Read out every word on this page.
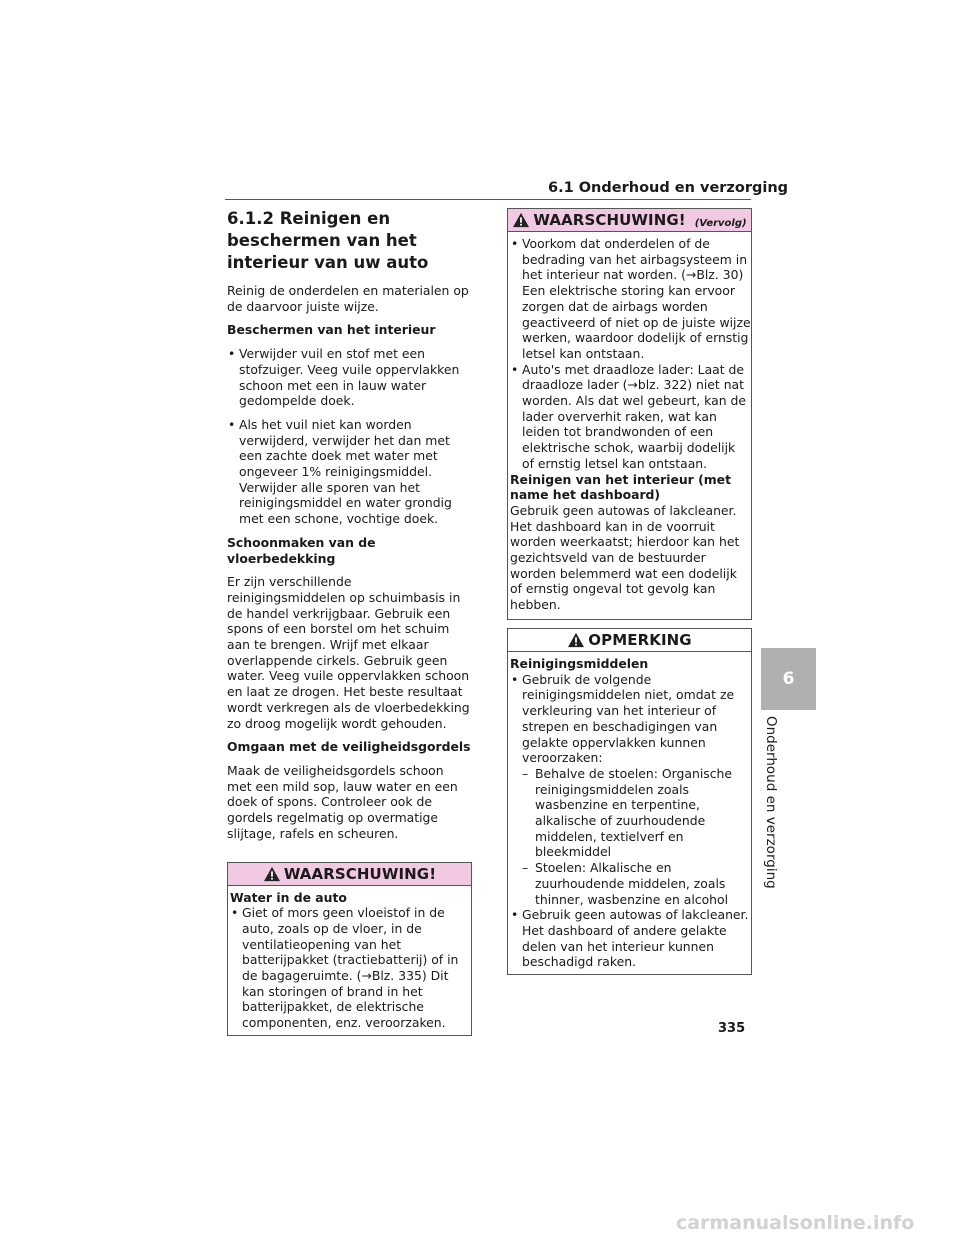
6.1 Onderhoud en verzorging
6.1.2 Reinigen en beschermen van het interieur van uw auto

Reinig de onderdelen en materialen op de daarvoor juiste wijze.

Beschermen van het interieur
• Verwijder vuil en stof met een stofzuiger. Veeg vuile oppervlakken schoon met een in lauw water gedompelde doek.
• Als het vuil niet kan worden verwijderd, verwijder het dan met een zachte doek met water met ongeveer 1% reinigingsmiddel. Verwijder alle sporen van het reinigingsmiddel en water grondig met een schone, vochtige doek.
Schoonmaken van de vloerbedekking

Er zijn verschillende reinigingsmiddelen op schuimbasis in de handel verkrijgbaar. Gebruik een spons of een borstel om het schuim aan te brengen. Wrijf met elkaar overlappende cirkels. Gebruik geen water. Veeg vuile oppervlakken schoon en laat ze drogen. Het beste resultaat wordt verkregen als de vloerbedekking zo droog mogelijk wordt gehouden.

Omgaan met de veiligheidsgordels

Maak de veiligheidsgordels schoon met een mild sop, lauw water en een doek of spons. Controleer ook de gordels regelmatig op overmatige slijtage, rafels en scheuren.

WAARSCHUWING!
Water in de auto
• Giet of mors geen vloeistof in de auto, zoals op de vloer, in de ventilatieopening van het batterijpakket (tractiebatterij) of in de bagageruimte. (→Blz. 335) Dit kan storingen of brand in het batterijpakket, de elektrische componenten, enz. veroorzaken.
WAARSCHUWING! (Vervolg)
• Voorkom dat onderdelen of de bedrading van het airbagsysteem in het interieur nat worden. (→Blz. 30) Een elektrische storing kan ervoor zorgen dat de airbags worden geactiveerd of niet op de juiste wijze werken, waardoor dodelijk of ernstig letsel kan ontstaan.
• Auto's met draadloze lader: Laat de draadloze lader (→blz. 322) niet nat worden. Als dat wel gebeurt, kan de lader oververhit raken, wat kan leiden tot brandwonden of een elektrische schok, waarbij dodelijk of ernstig letsel kan ontstaan.
Reinigen van het interieur (met name het dashboard)

Gebruik geen autowas of lakcleaner. Het dashboard kan in de voorruit worden weerkaatst; hierdoor kan het gezichtsveld van de bestuurder worden belemmerd wat een dodelijk of ernstig ongeval tot gevolg kan hebben.

OPMERKING
Reinigingsmiddelen
• Gebruik de volgende reinigingsmiddelen niet, omdat ze verkleuring van het interieur of strepen en beschadigingen van gelakte oppervlakken kunnen veroorzaken:
– Behalve de stoelen: Organische reinigingsmiddelen zoals wasbenzine en terpentine, alkalische of zuurhoudende middelen, textielverf en bleekmiddel
– Stoelen: Alkalische en zuurhoudende middelen, zoals thinner, wasbenzine en alcohol
• Gebruik geen autowas of lakcleaner. Het dashboard of andere gelakte delen van het interieur kunnen beschadigd raken.
6
Onderhoud en verzorging
335
carmanualsonline.info
